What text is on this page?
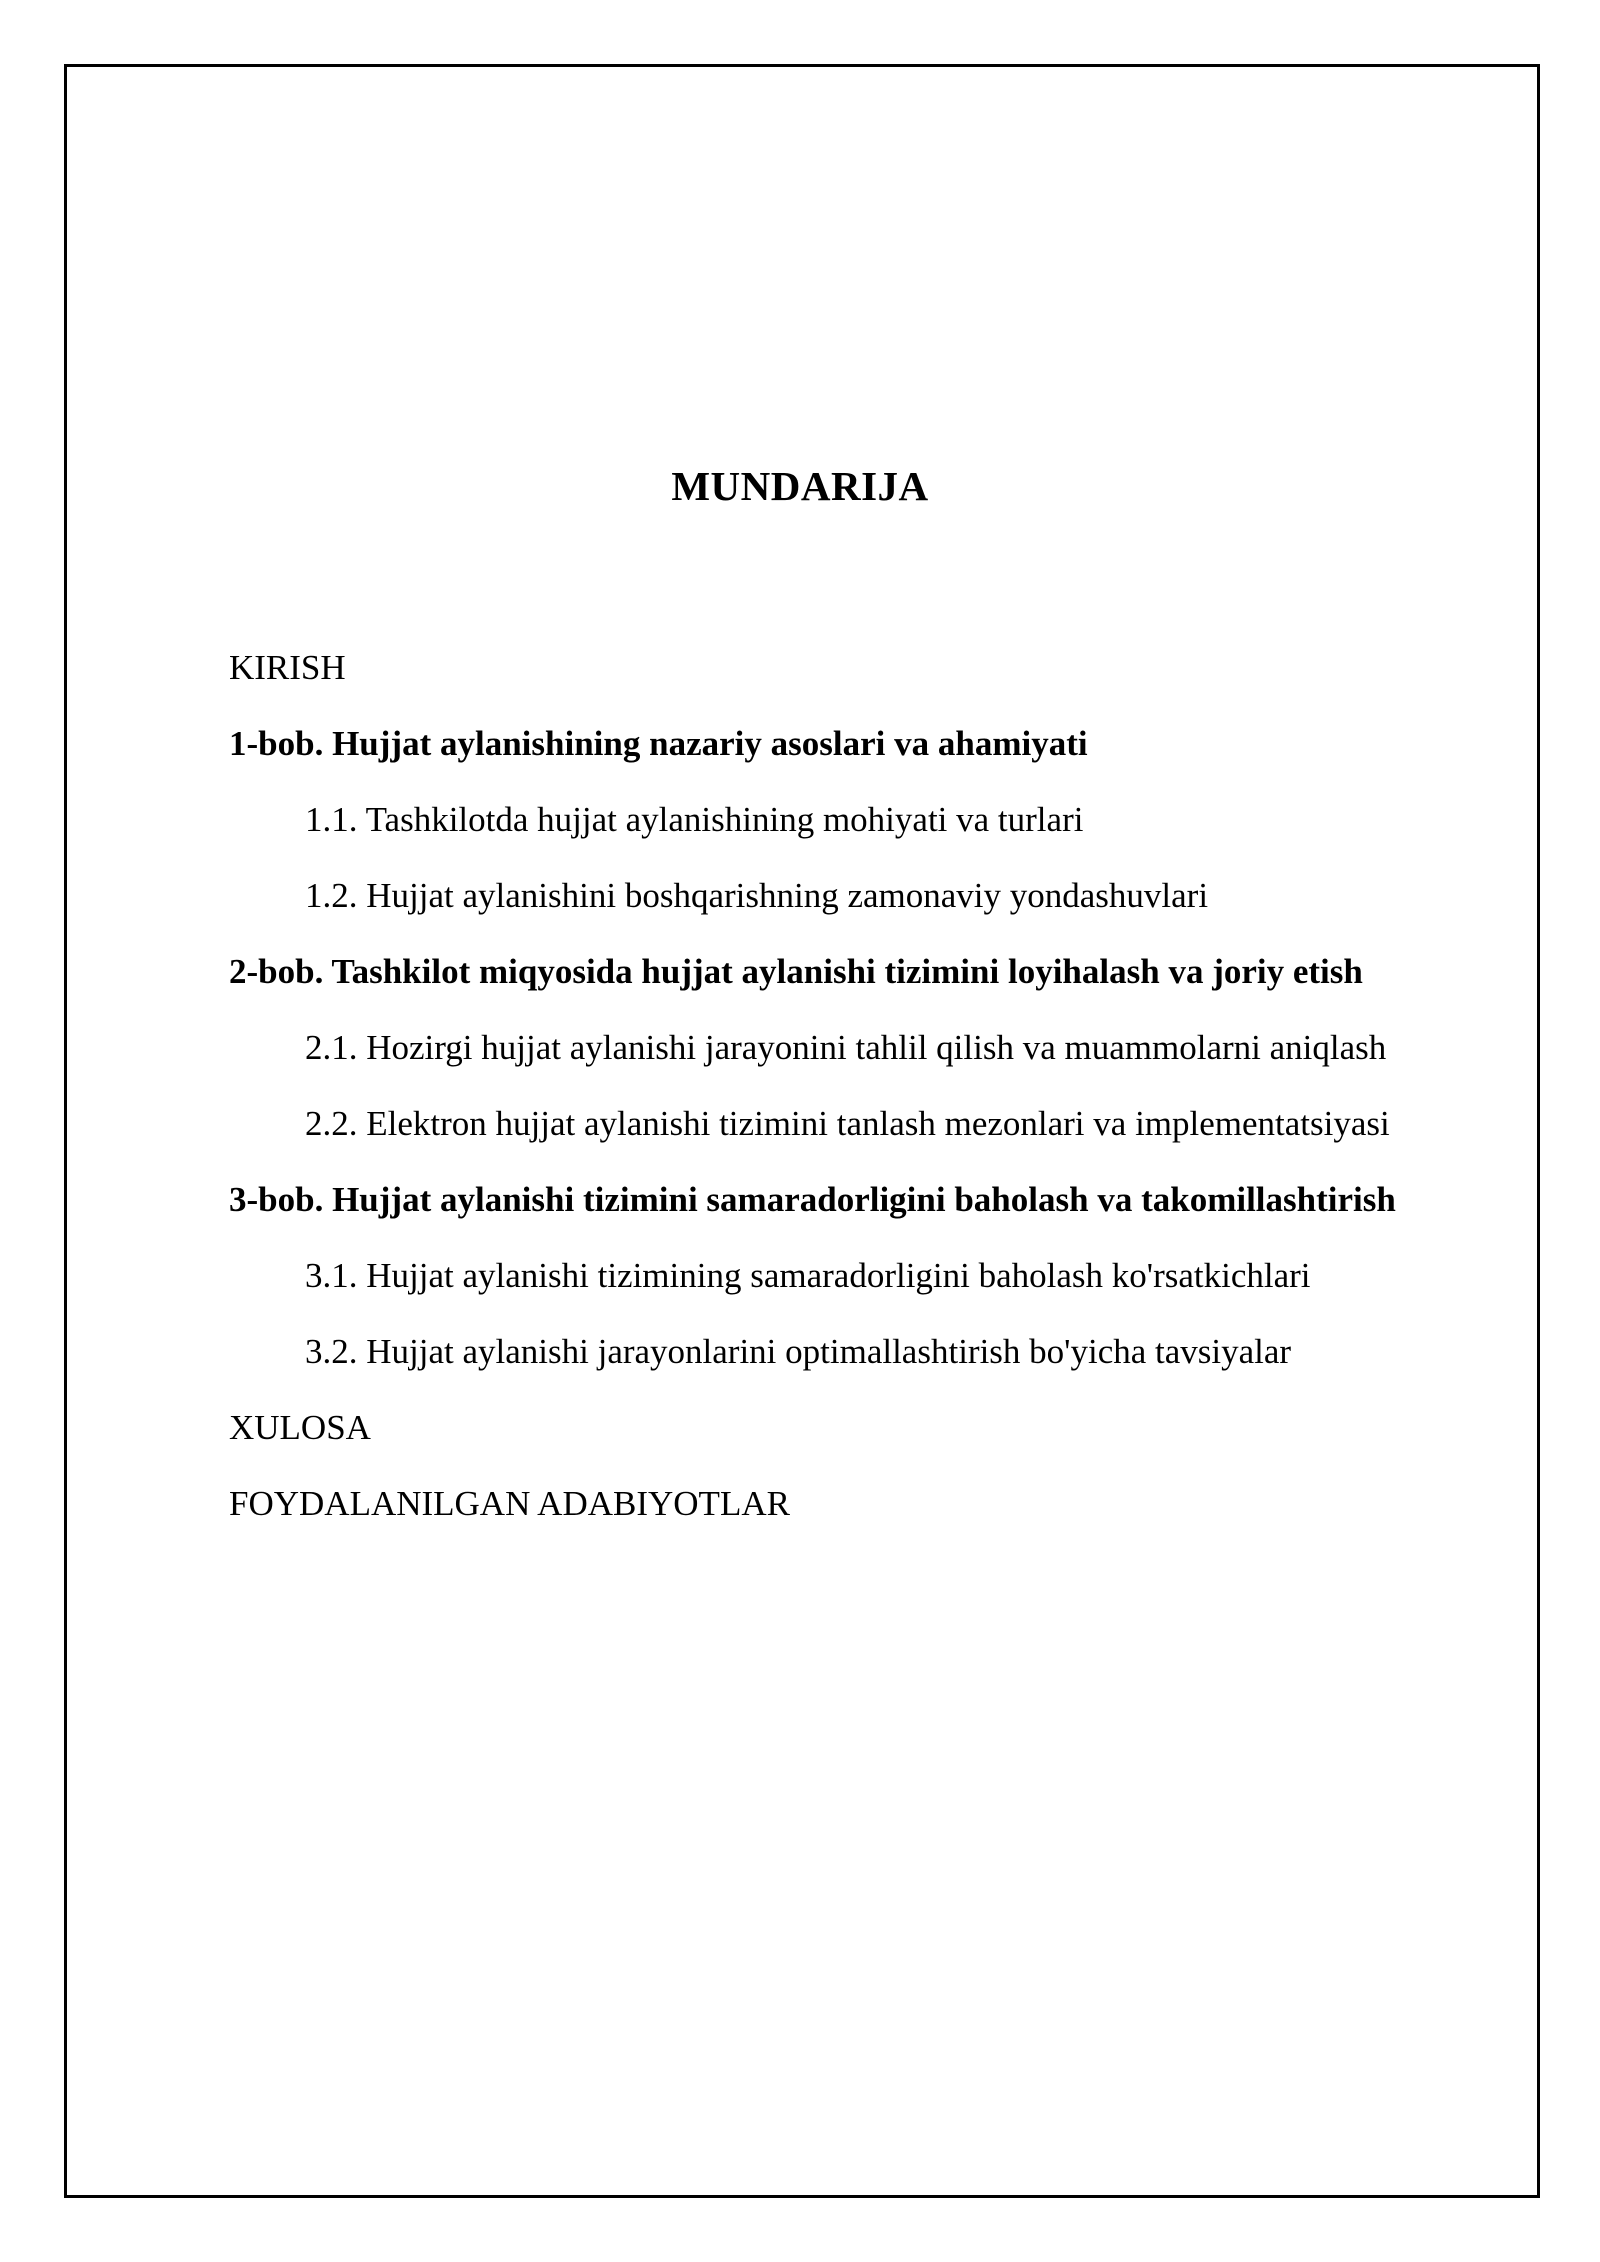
MUNDARIJA
KIRISH
1-bob. Hujjat aylanishining nazariy asoslari va ahamiyati
1.1. Tashkilotda hujjat aylanishining mohiyati va turlari
1.2. Hujjat aylanishini boshqarishning zamonaviy yondashuvlari
2-bob. Tashkilot miqyosida hujjat aylanishi tizimini loyihalash va joriy etish
2.1. Hozirgi hujjat aylanishi jarayonini tahlil qilish va muammolarni aniqlash
2.2. Elektron hujjat aylanishi tizimini tanlash mezonlari va implementatsiyasi
3-bob. Hujjat aylanishi tizimini samaradorligini baholash va takomillashtirish
3.1. Hujjat aylanishi tizimining samaradorligini baholash ko'rsatkichlari
3.2. Hujjat aylanishi jarayonlarini optimallashtirish bo'yicha tavsiyalar
XULOSA
FOYDALANILGAN ADABIYOTLAR
